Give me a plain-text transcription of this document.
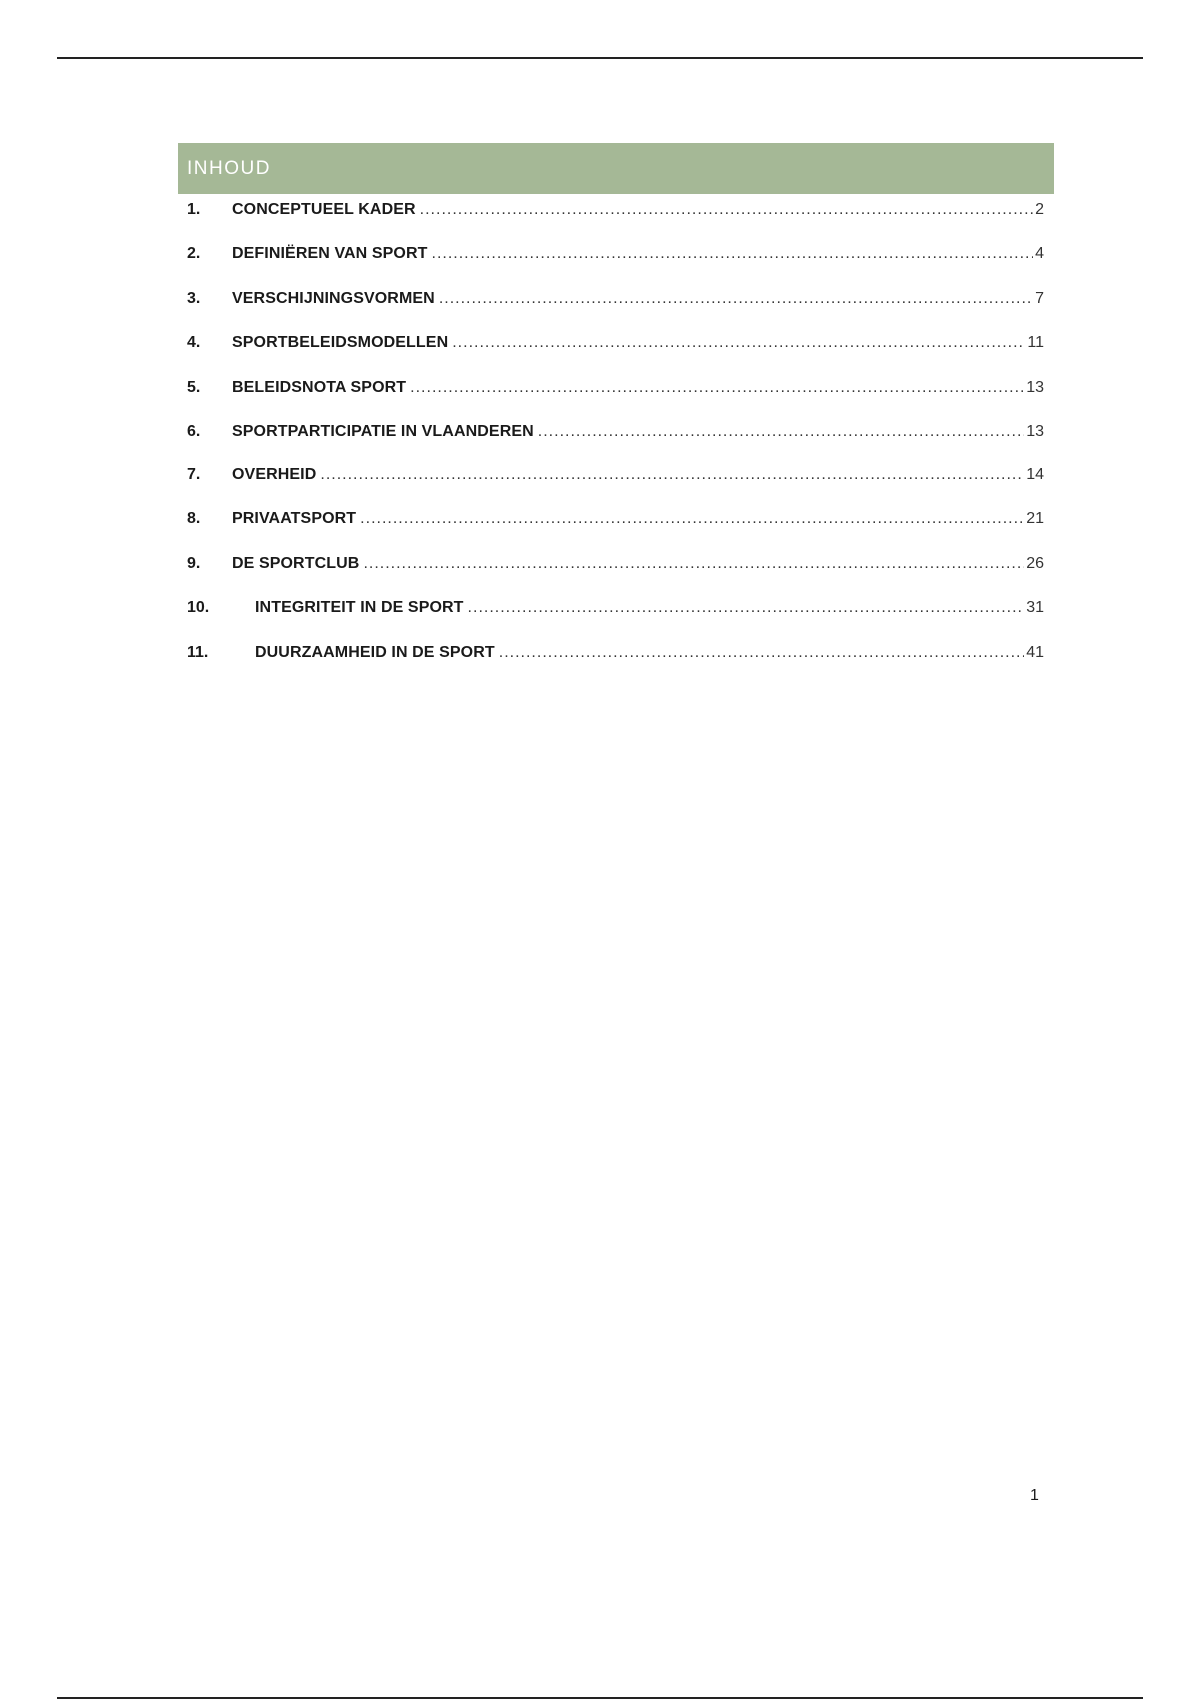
INHOUD
1.	CONCEPTUEEL KADER .....	2
2.	DEFINIËREN VAN SPORT .....	4
3.	VERSCHIJNINGSVORMEN .....	7
4.	SPORTBELEIDSMODELLEN .....	11
5.	BELEIDSNOTA SPORT .....	13
6.	SPORTPARTICIPATIE IN VLAANDEREN .....	13
7.	OVERHEID .....	14
8.	PRIVAATSPORT .....	21
9.	DE SPORTCLUB .....	26
10.	INTEGRITEIT IN DE SPORT .....	31
11.	DUURZAAMHEID IN DE SPORT .....	41
1
